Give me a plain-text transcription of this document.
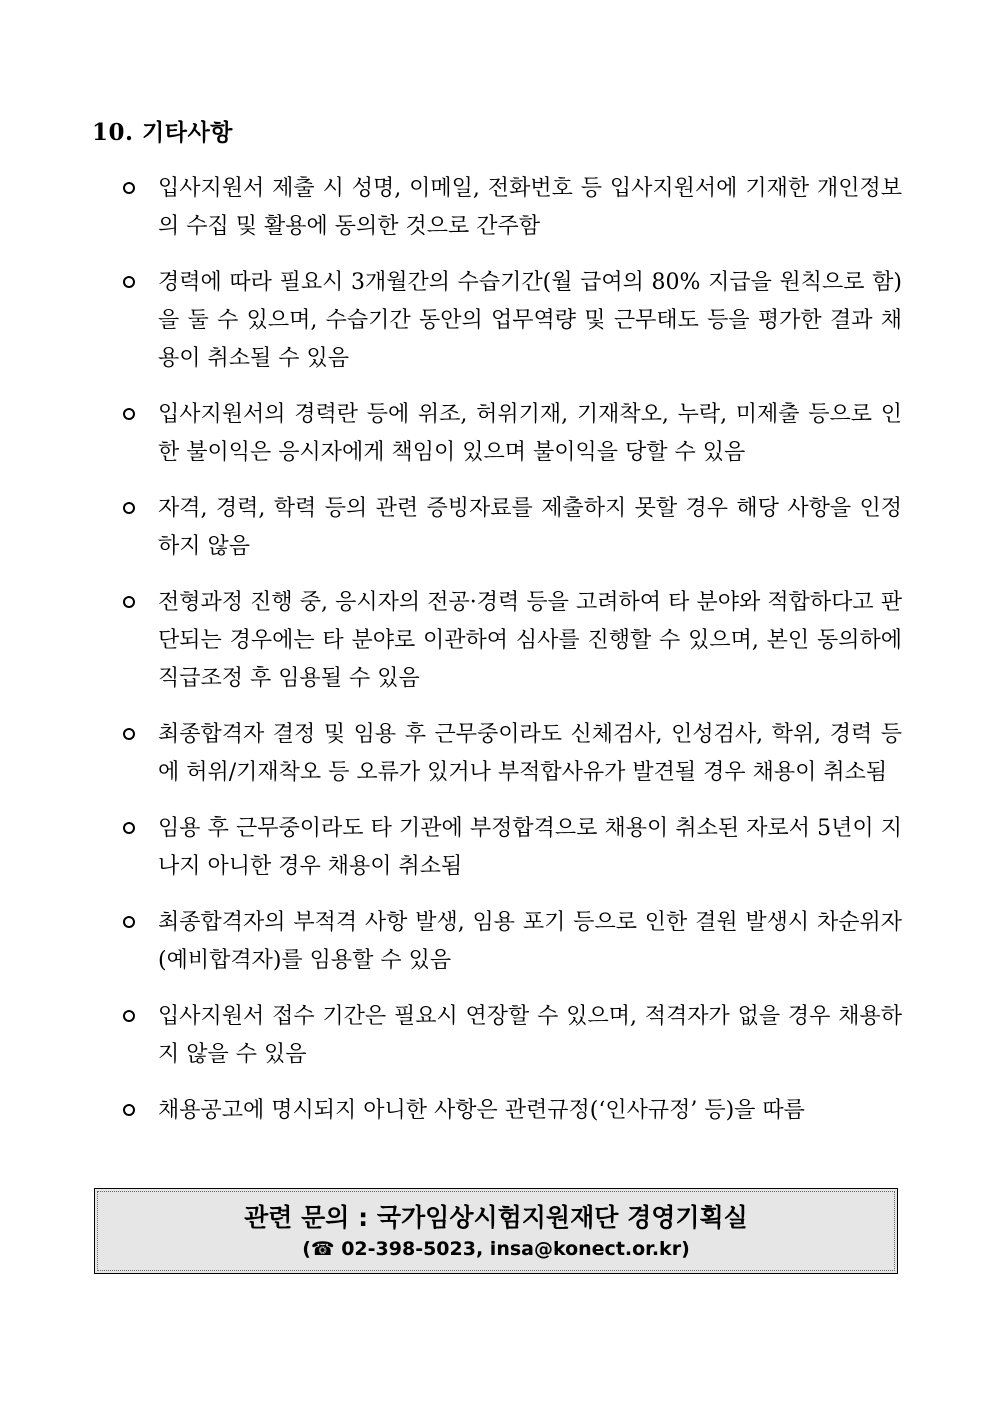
10. 기타사항
입사지원서 제출 시 성명, 이메일, 전화번호 등 입사지원서에 기재한 개인정보의 수집 및 활용에 동의한 것으로 간주함
경력에 따라 필요시 3개월간의 수습기간(월 급여의 80% 지급을 원칙으로 함)을 둘 수 있으며, 수습기간 동안의 업무역량 및 근무태도 등을 평가한 결과 채용이 취소될 수 있음
입사지원서의 경력란 등에 위조, 허위기재, 기재착오, 누락, 미제출 등으로 인한 불이익은 응시자에게 책임이 있으며 불이익을 당할 수 있음
자격, 경력, 학력 등의 관련 증빙자료를 제출하지 못할 경우 해당 사항을 인정하지 않음
전형과정 진행 중, 응시자의 전공·경력 등을 고려하여 타 분야와 적합하다고 판단되는 경우에는 타 분야로 이관하여 심사를 진행할 수 있으며, 본인 동의하에 직급조정 후 임용될 수 있음
최종합격자 결정 및 임용 후 근무중이라도 신체검사, 인성검사, 학위, 경력 등에 허위/기재착오 등 오류가 있거나 부적합사유가 발견될 경우 채용이 취소됨
임용 후 근무중이라도 타 기관에 부정합격으로 채용이 취소된 자로서 5년이 지나지 아니한 경우 채용이 취소됨
최종합격자의 부적격 사항 발생, 임용 포기 등으로 인한 결원 발생시 차순위자(예비합격자)를 임용할 수 있음
입사지원서 접수 기간은 필요시 연장할 수 있으며, 적격자가 없을 경우 채용하지 않을 수 있음
채용공고에 명시되지 아니한 사항은 관련규정(‘인사규정’ 등)을 따름
관련 문의 : 국가임상시험지원재단 경영기획실
(☎ 02-398-5023, insa@konect.or.kr)
